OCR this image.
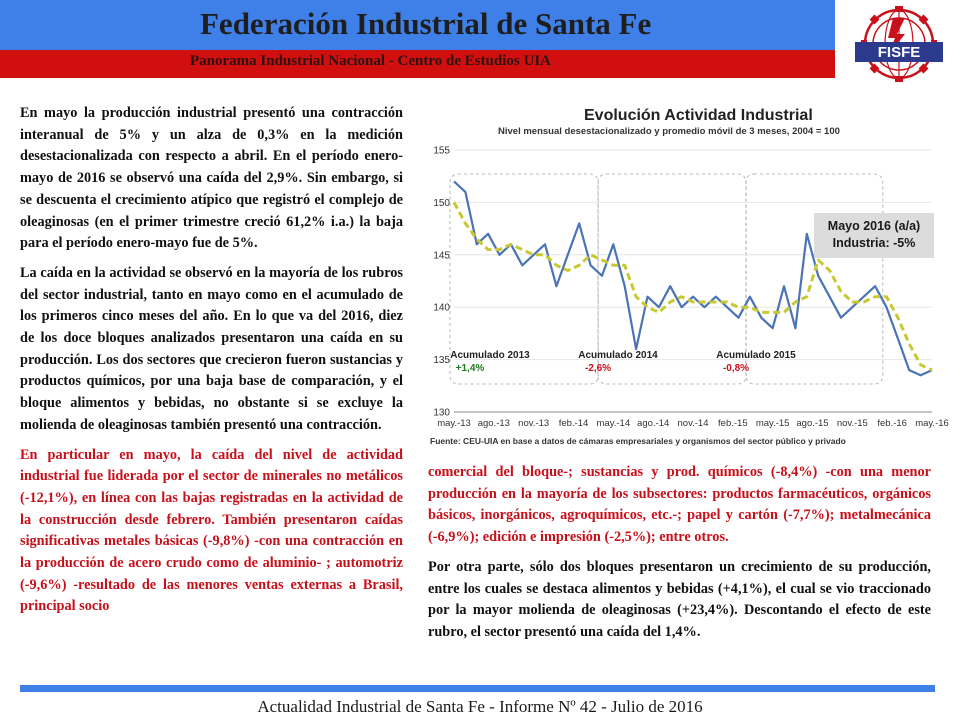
Federación Industrial de Santa Fe
Panorama Industrial Nacional - Centro de Estudios UIA	FISFE

En mayo la producción industrial presentó una contracción interanual de 5% y un alza de 0,3% en la medición desestacionalizada con respecto a abril. En el período enero-mayo de 2016 se observó una caída del 2,9%. Sin embargo, si se descuenta el crecimiento atípico que registró el complejo de oleaginosas (en el primer trimestre creció 61,2% i.a.) la baja para el período enero-mayo fue de 5%.

La caída en la actividad se observó en la mayoría de los rubros del sector industrial, tanto en mayo como en el acumulado de los primeros cinco meses del año. En lo que va del 2016, diez de los doce bloques analizados presentaron una caída en su producción. Los dos sectores que crecieron fueron sustancias y productos químicos, por una baja base de comparación, y el bloque alimentos y bebidas, no obstante si se excluye la molienda de oleaginosas también presentó una contracción.

En particular en mayo, la caída del nivel de actividad industrial fue liderada por el sector de minerales no metálicos (-12,1%), en línea con las bajas registradas en la actividad de la construcción desde febrero. También presentaron caídas significativas metales básicas (-9,8%) -con una contracción en la producción de acero crudo como de aluminio- ; automotriz (-9,6%) -resultado de las menores ventas externas a Brasil, principal socio

Evolución Actividad Industrial
Nivel mensual desestacionalizado y promedio móvil de 3 meses, 2004 = 100
130
135
140
145
150
155
may.-13 ago.-13 nov.-13 feb.-14 may.-14 ago.-14 nov.-14 feb.-15 may.-15 ago.-15 nov.-15 feb.-16 may.-16
Acumulado 2013
+1,4%
Acumulado 2014
-2,6%
Acumulado 2015
-0,8%
Mayo 2016 (a/a)
Industria: -5%
Fuente: CEU-UIA en base a datos de cámaras empresariales y organismos del sector público y privado

comercial del bloque-; sustancias y prod. químicos (-8,4%) -con una menor producción en la mayoría de los subsectores: productos farmacéuticos, orgánicos básicos, inorgánicos, agroquímicos, etc.-; papel y cartón (-7,7%); metalmecánica (-6,9%); edición e impresión (-2,5%); entre otros.

Por otra parte, sólo dos bloques presentaron un crecimiento de su producción, entre los cuales se destaca alimentos y bebidas (+4,1%), el cual se vio traccionado por la mayor molienda de oleaginosas (+23,4%). Descontando el efecto de este rubro, el sector presentó una caída del 1,4%.

Actualidad Industrial de Santa Fe - Informe Nº 42 - Julio de 2016
